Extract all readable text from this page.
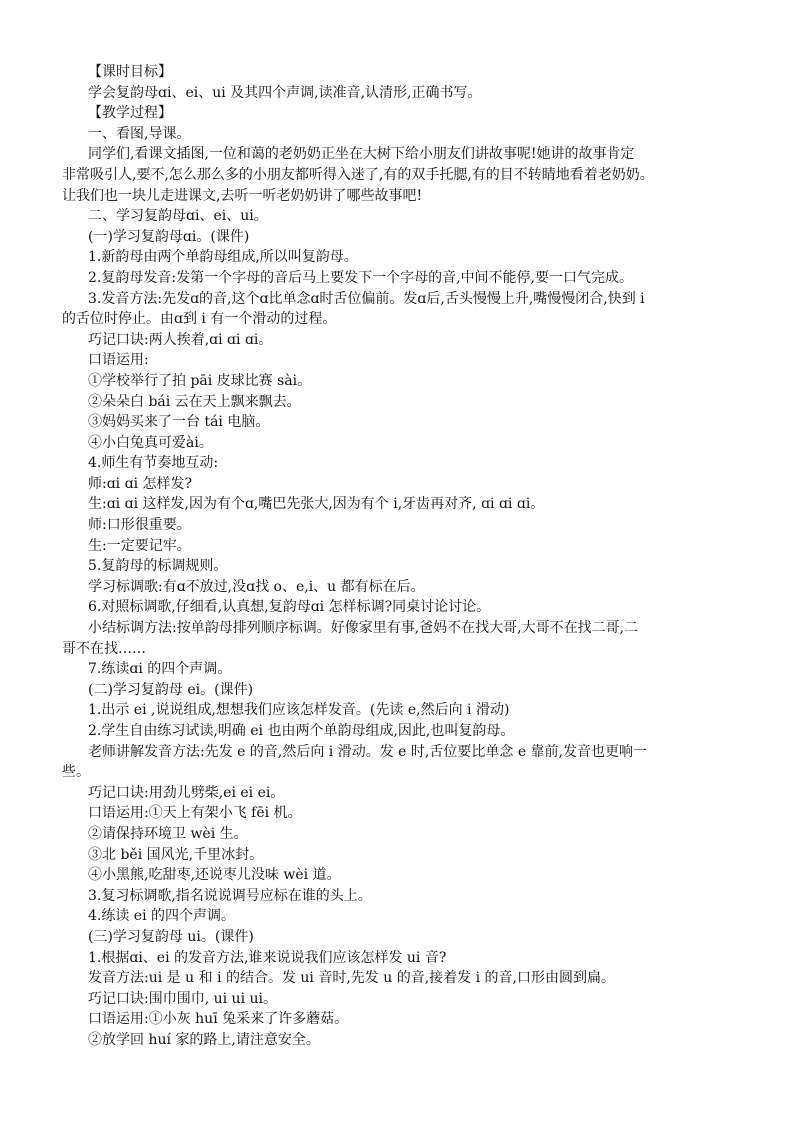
【课时目标】
学会复韵母ɑi、ei、ui 及其四个声调,读准音,认清形,正确书写。
【教学过程】
一、看图,导课。
同学们,看课文插图,一位和蔼的老奶奶正坐在大树下给小朋友们讲故事呢!她讲的故事肯定
非常吸引人,要不,怎么那么多的小朋友都听得入迷了,有的双手托腮,有的目不转睛地看着老奶奶。
让我们也一块儿走进课文,去听一听老奶奶讲了哪些故事吧!
二、学习复韵母ɑi、ei、ui。
(一)学习复韵母ɑi。(课件)
1.新韵母由两个单韵母组成,所以叫复韵母。
2.复韵母发音:发第一个字母的音后马上要发下一个字母的音,中间不能停,要一口气完成。
3.发音方法:先发ɑ的音,这个ɑ比单念ɑ时舌位偏前。发ɑ后,舌头慢慢上升,嘴慢慢闭合,快到 i
的舌位时停止。由ɑ到 i 有一个滑动的过程。
巧记口诀:两人挨着,ɑi ɑi ɑi。
口语运用:
①学校举行了拍 pāi 皮球比赛 sài。
②朵朵白 bái 云在天上飘来飘去。
③妈妈买来了一台 tái 电脑。
④小白兔真可爱ài。
4.师生有节奏地互动:
师:ɑi ɑi 怎样发?
生:ɑi ɑi 这样发,因为有个ɑ,嘴巴先张大,因为有个 i,牙齿再对齐, ɑi ɑi ɑi。
师:口形很重要。
生:一定要记牢。
5.复韵母的标调规则。
学习标调歌:有ɑ不放过,没ɑ找 o、e,i、u 都有标在后。
6.对照标调歌,仔细看,认真想,复韵母ɑi 怎样标调?同桌讨论讨论。
小结标调方法:按单韵母排列顺序标调。好像家里有事,爸妈不在找大哥,大哥不在找二哥,二
哥不在找……
7.练读ɑi 的四个声调。
(二)学习复韵母 ei。(课件)
1.出示 ei ,说说组成,想想我们应该怎样发音。(先读 e,然后向 i 滑动)
2.学生自由练习试读,明确 ei 也由两个单韵母组成,因此,也叫复韵母。
老师讲解发音方法:先发 e 的音,然后向 i 滑动。发 e 时,舌位要比单念 e 靠前,发音也更响一
些。
巧记口诀:用劲儿劈柴,ei ei ei。
口语运用:①天上有架小飞 fēi 机。
②请保持环境卫 wèi 生。
③北 běi 国风光,千里冰封。
④小黑熊,吃甜枣,还说枣儿没味 wèi 道。
3.复习标调歌,指名说说调号应标在谁的头上。
4.练读 ei 的四个声调。
(三)学习复韵母 ui。(课件)
1.根据ɑi、ei 的发音方法,谁来说说我们应该怎样发 ui 音?
发音方法:ui 是 u 和 i 的结合。发 ui 音时,先发 u 的音,接着发 i 的音,口形由圆到扁。
巧记口诀:围巾围巾, ui ui ui。
口语运用:①小灰 huī 兔采来了许多蘑菇。
②放学回 huí 家的路上,请注意安全。
